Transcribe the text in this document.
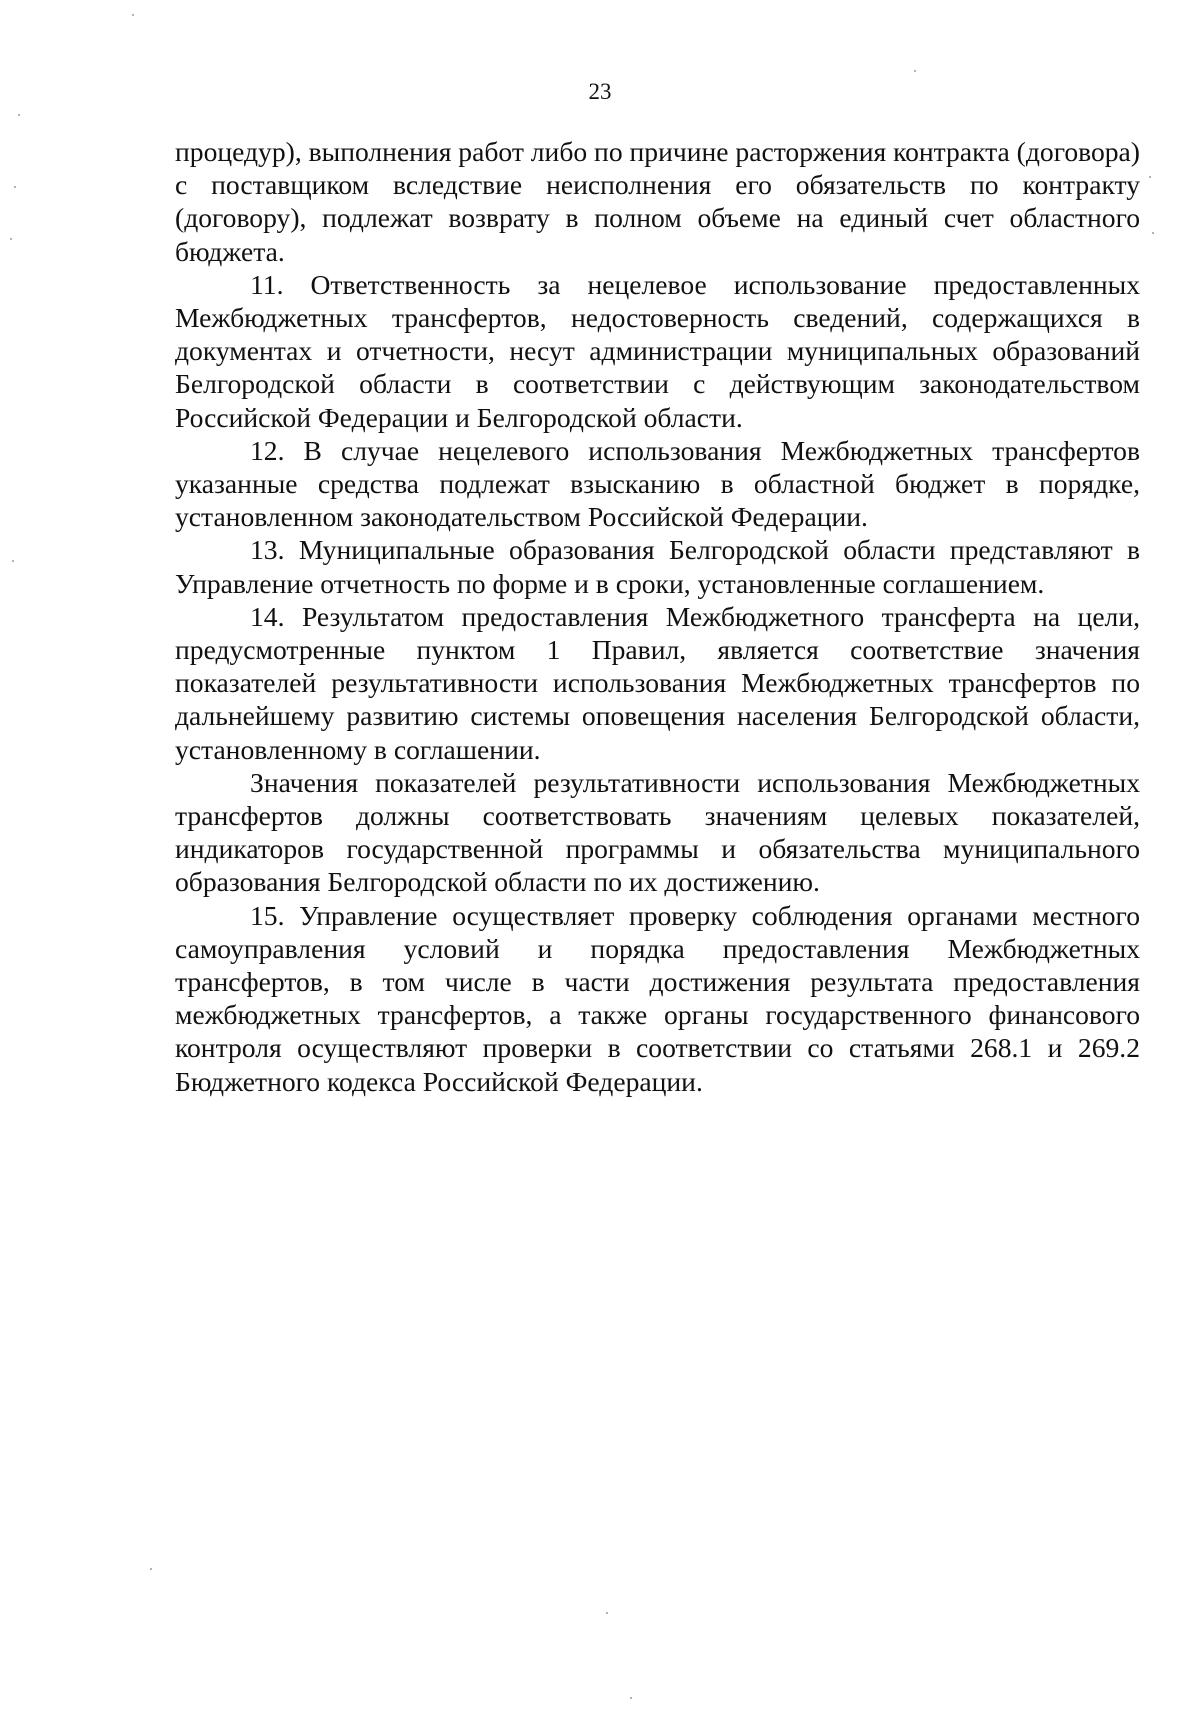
23

процедур), выполнения работ либо по причине расторжения контракта (договора) с поставщиком вследствие неисполнения его обязательств по контракту (договору), подлежат возврату в полном объеме на единый счет областного бюджета.

11. Ответственность за нецелевое использование предоставленных Межбюджетных трансфертов, недостоверность сведений, содержащихся в документах и отчетности, несут администрации муниципальных образований Белгородской области в соответствии с действующим законодательством Российской Федерации и Белгородской области.

12. В случае нецелевого использования Межбюджетных трансфертов указанные средства подлежат взысканию в областной бюджет в порядке, установленном законодательством Российской Федерации.

13. Муниципальные образования Белгородской области представляют в Управление отчетность по форме и в сроки, установленные соглашением.

14. Результатом предоставления Межбюджетного трансферта на цели, предусмотренные пунктом 1 Правил, является соответствие значения показателей результативности использования Межбюджетных трансфертов по дальнейшему развитию системы оповещения населения Белгородской области, установленному в соглашении.

Значения показателей результативности использования Межбюджетных трансфертов должны соответствовать значениям целевых показателей, индикаторов государственной программы и обязательства муниципального образования Белгородской области по их достижению.

15. Управление осуществляет проверку соблюдения органами местного самоуправления условий и порядка предоставления Межбюджетных трансфертов, в том числе в части достижения результата предоставления межбюджетных трансфертов, а также органы государственного финансового контроля осуществляют проверки в соответствии со статьями 268.1 и 269.2 Бюджетного кодекса Российской Федерации.
